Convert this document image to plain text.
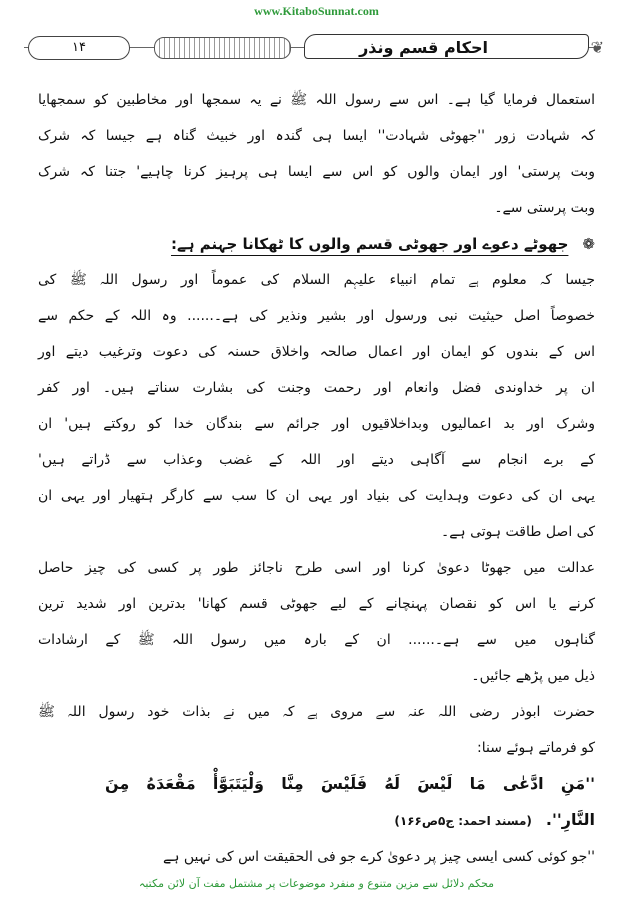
www.KitaboSunnat.com
۱۴	احکام قسم ونذر	❦
استعمال فرمایا گیا ہے۔ اس سے رسول اللہ ﷺ نے یہ سمجھا اور مخاطبین کو سمجھایا
کہ شہادت زور ''جھوٹی شہادت'' ایسا ہی گندہ اور خبیث گناہ ہے جیسا کہ شرک
وبت پرستی' اور ایمان والوں کو اس سے ایسا ہی پرہیز کرنا چاہیے' جتنا کہ شرک
وبت پرستی سے۔
❁جھوٹے دعوے اور جھوٹی قسم والوں کا ٹھکانا جہنم ہے:
جیسا کہ معلوم ہے تمام انبیاء علیہم السلام کی عموماً اور رسول اللہ ﷺ کی
خصوصاً اصل حیثیت نبی ورسول اور بشیر ونذیر کی ہے۔...... وہ اللہ کے حکم سے
اس کے بندوں کو ایمان اور اعمال صالحہ واخلاق حسنہ کی دعوت وترغیب دیتے اور
ان پر خداوندی فضل وانعام اور رحمت وجنت کی بشارت سناتے ہیں۔ اور کفر
وشرک اور بد اعمالیوں وبداخلاقیوں اور جرائم سے بندگان خدا کو روکتے ہیں' ان
کے برے انجام سے آگاہی دیتے اور اللہ کے غضب وعذاب سے ڈراتے ہیں'
یہی ان کی دعوت وہدایت کی بنیاد اور یہی ان کا سب سے کارگر ہتھیار اور یہی ان
کی اصل طاقت ہوتی ہے۔
عدالت میں جھوٹا دعویٰ کرنا اور اسی طرح ناجائز طور پر کسی کی چیز حاصل
کرنے یا اس کو نقصان پہنچانے کے لیے جھوٹی قسم کھانا' بدترین اور شدید ترین
گناہوں میں سے ہے۔...... ان کے بارہ میں رسول اللہ ﷺ کے ارشادات
ذیل میں پڑھے جائیں۔
حضرت ابوذر رضی اللہ عنہ سے مروی ہے کہ میں نے بذات خود رسول اللہ ﷺ
کو فرماتے ہوئے سنا:
''مَنِ ادَّعٰی مَا لَیْسَ لَهُ فَلَیْسَ مِنَّا وَلْیَتَبَوَّأْ مَقْعَدَهُ مِنَ
النَّارِ''.(مسند احمد: ج۵ص۱۶۶)
''جو کوئی کسی ایسی چیز پر دعویٰ کرے جو فی الحقیقت اس کی نہیں ہے
محکم دلائل سے مزین متنوع و منفرد موضوعات پر مشتمل مفت آن لائن مکتبہ
